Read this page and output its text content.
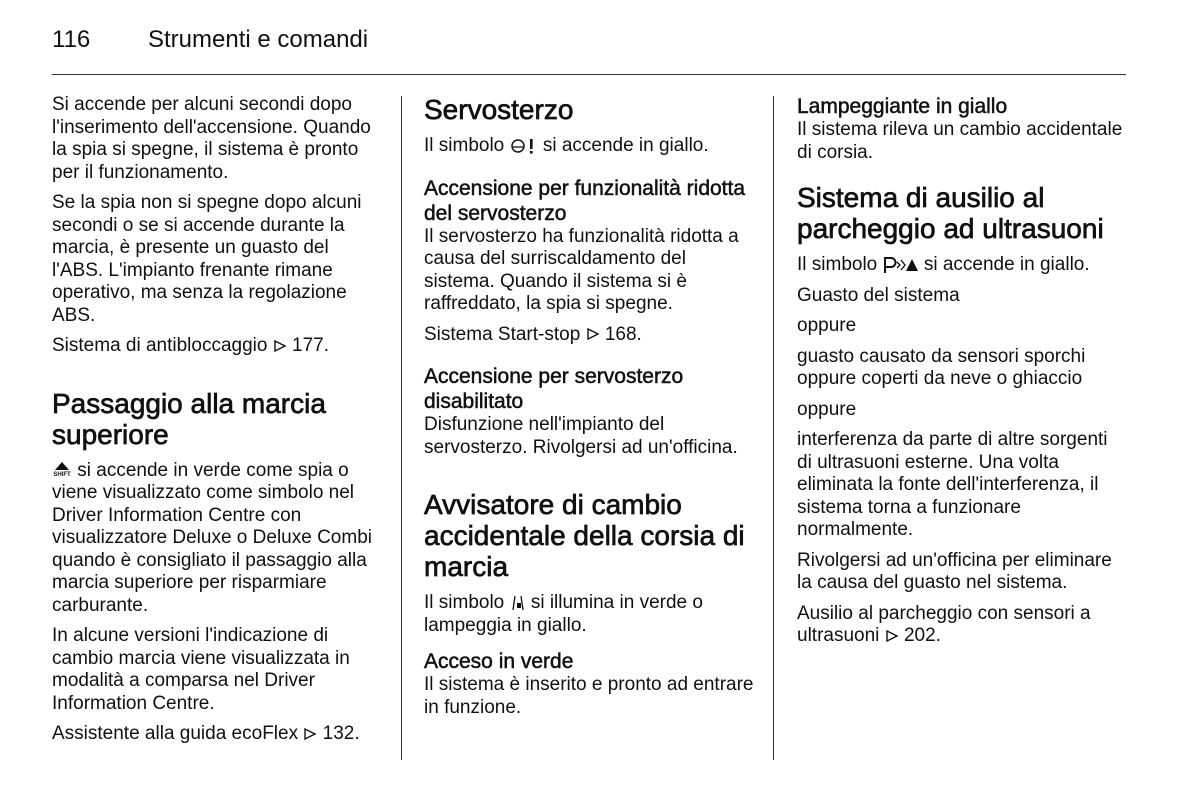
116 Strumenti e comandi

Si accende per alcuni secondi dopo l'inserimento dell'accensione. Quando la spia si spegne, il sistema è pronto per il funzionamento.

Se la spia non si spegne dopo alcuni secondi o se si accende durante la marcia, è presente un guasto del l'ABS. L'impianto frenante rimane operativo, ma senza la regolazione ABS.

Sistema di antibloccaggio 177.

Passaggio alla marcia superiore

SHIFT si accende in verde come spia o viene visualizzato come simbolo nel Driver Information Centre con visualizzatore Deluxe o Deluxe Combi quando è consigliato il passaggio alla marcia superiore per risparmiare carburante.

In alcune versioni l'indicazione di cambio marcia viene visualizzata in modalità a comparsa nel Driver Information Centre.

Assistente alla guida ecoFlex 132.

Servosterzo

Il simbolo si accende in giallo.

Accensione per funzionalità ridotta del servosterzo

Il servosterzo ha funzionalità ridotta a causa del surriscaldamento del sistema. Quando il sistema si è raffreddato, la spia si spegne.

Sistema Start-stop 168.

Accensione per servosterzo disabilitato

Disfunzione nell'impianto del servosterzo. Rivolgersi ad un'officina.

Avvisatore di cambio accidentale della corsia di marcia

Il simbolo si illumina in verde o lampeggia in giallo.

Acceso in verde

Il sistema è inserito e pronto ad entrare in funzione.

Lampeggiante in giallo

Il sistema rileva un cambio accidentale di corsia.

Sistema di ausilio al parcheggio ad ultrasuoni

Il simbolo si accende in giallo.

Guasto del sistema

oppure

guasto causato da sensori sporchi oppure coperti da neve o ghiaccio

oppure

interferenza da parte di altre sorgenti di ultrasuoni esterne. Una volta eliminata la fonte dell'interferenza, il sistema torna a funzionare normalmente.

Rivolgersi ad un'officina per eliminare la causa del guasto nel sistema.

Ausilio al parcheggio con sensori a ultrasuoni 202.
